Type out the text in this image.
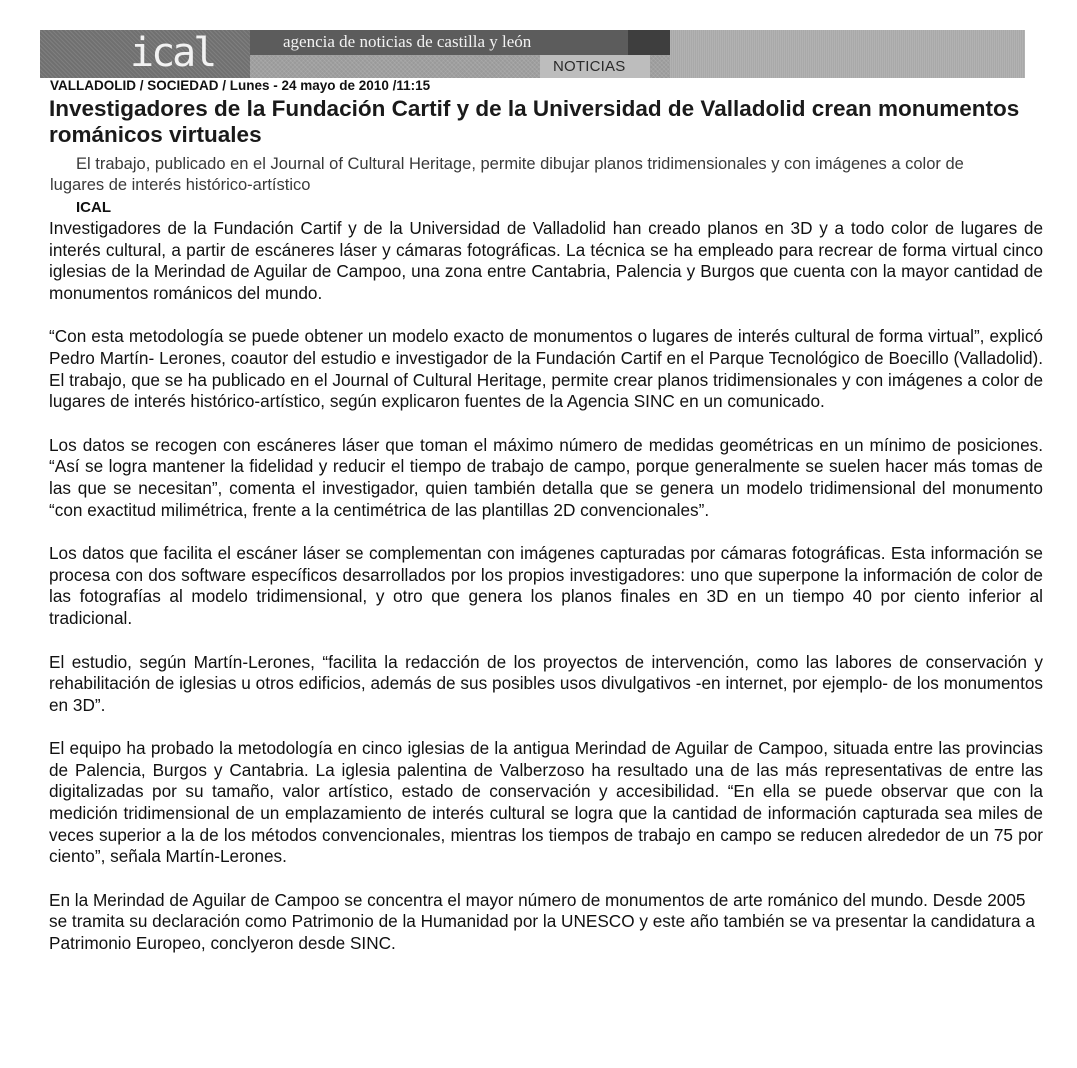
ical	agencia de noticias de castilla y león
NOTICIAS
VALLADOLID / SOCIEDAD / Lunes - 24 mayo de 2010 /11:15
Investigadores de la Fundación Cartif y de la Universidad de Valladolid crean monumentos románicos virtuales

El trabajo, publicado en el Journal of Cultural Heritage, permite dibujar planos tridimensionales y con imágenes a color de lugares de interés histórico-artístico

ICAL

Investigadores de la Fundación Cartif y de la Universidad de Valladolid han creado planos en 3D y a todo color de lugares de interés cultural, a partir de escáneres láser y cámaras fotográficas. La técnica se ha empleado para recrear de forma virtual cinco iglesias de la Merindad de Aguilar de Campoo, una zona entre Cantabria, Palencia y Burgos que cuenta con la mayor cantidad de monumentos románicos del mundo.

“Con esta metodología se puede obtener un modelo exacto de monumentos o lugares de interés cultural de forma virtual”, explicó Pedro Martín- Lerones, coautor del estudio e investigador de la Fundación Cartif en el Parque Tecnológico de Boecillo (Valladolid). El trabajo, que se ha publicado en el Journal of Cultural Heritage, permite crear planos tridimensionales y con imágenes a color de lugares de interés histórico-artístico, según explicaron fuentes de la Agencia SINC en un comunicado.

Los datos se recogen con escáneres láser que toman el máximo número de medidas geométricas en un mínimo de posiciones. “Así se logra mantener la fidelidad y reducir el tiempo de trabajo de campo, porque generalmente se suelen hacer más tomas de las que se necesitan”, comenta el investigador, quien también detalla que se genera un modelo tridimensional del monumento “con exactitud milimétrica, frente a la centimétrica de las plantillas 2D convencionales”.

Los datos que facilita el escáner láser se complementan con imágenes capturadas por cámaras fotográficas. Esta información se procesa con dos software específicos desarrollados por los propios investigadores: uno que superpone la información de color de las fotografías al modelo tridimensional, y otro que genera los planos finales en 3D en un tiempo 40 por ciento inferior al tradicional.

El estudio, según Martín-Lerones, “facilita la redacción de los proyectos de intervención, como las labores de conservación y rehabilitación de iglesias u otros edificios, además de sus posibles usos divulgativos -en internet, por ejemplo- de los monumentos en 3D”.

El equipo ha probado la metodología en cinco iglesias de la antigua Merindad de Aguilar de Campoo, situada entre las provincias de Palencia, Burgos y Cantabria. La iglesia palentina de Valberzoso ha resultado una de las más representativas de entre las digitalizadas por su tamaño, valor artístico, estado de conservación y accesibilidad. “En ella se puede observar que con la medición tridimensional de un emplazamiento de interés cultural se logra que la cantidad de información capturada sea miles de veces superior a la de los métodos convencionales, mientras los tiempos de trabajo en campo se reducen alrededor de un 75 por ciento”, señala Martín-Lerones.

En la Merindad de Aguilar de Campoo se concentra el mayor número de monumentos de arte románico del mundo. Desde 2005 se tramita su declaración como Patrimonio de la Humanidad por la UNESCO y este año también se va presentar la candidatura a Patrimonio Europeo, conclyeron desde SINC.
